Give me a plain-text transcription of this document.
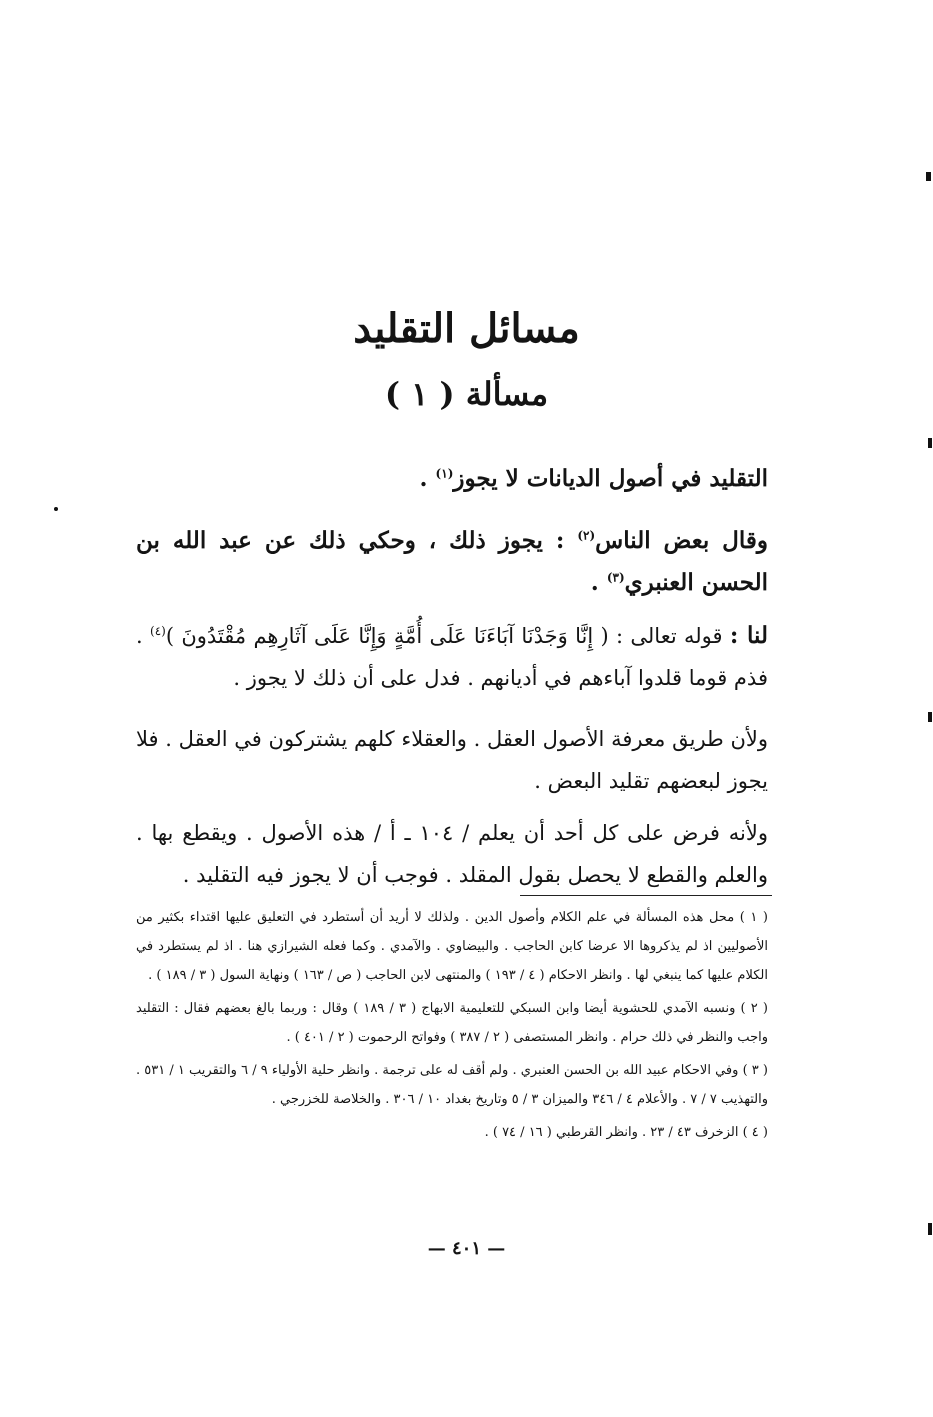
مسائل التقليد
مسألة ( ١ )
التقليد في أصول الديانات لا يجوز$^{(١)}$ .
وقال بعض الناس$^{(٢)}$ : يجوز ذلك ، وحكي ذلك عن عبد الله بن الحسن العنبري$^{(٣)}$ .
لنا : قوله تعالى : ( إِنَّا وَجَدْنَا آبَاءَنَا عَلَى أُمَّةٍ وَإِنَّا عَلَى آثَارِهِم مُقْتَدُونَ )$^{(٤)}$ . فذم قوما قلدوا آباءهم في أديانهم . فدل على أن ذلك لا يجوز .
ولأن طريق معرفة الأصول العقل . والعقلاء كلهم يشتركون في العقل . فلا يجوز لبعضهم تقليد البعض .
ولأنه فرض على كل أحد أن يعلم / ١٠٤ ـ أ / هذه الأصول . ويقطع بها . والعلم والقطع لا يحصل بقول المقلد . فوجب أن لا يجوز فيه التقليد .

( ١ ) محل هذه المسألة في علم الكلام وأصول الدين . ولذلك لا أريد أن أستطرد في التعليق عليها اقتداء بكثير من الأصوليين اذ لم يذكروها الا عرضا كابن الحاجب . والبيضاوي . والآمدي . وكما فعله الشيرازي هنا . اذ لم يستطرد في الكلام عليها كما ينبغي لها . وانظر الاحكام ( ٤ / ١٩٣ ) والمنتهى لابن الحاجب ( ص / ١٦٣ ) ونهاية السول ( ٣ / ١٨٩ ) .

( ٢ ) ونسبه الآمدي للحشوية أيضا وابن السبكي للتعليمية الابهاج ( ٣ / ١٨٩ ) وقال : وربما بالغ بعضهم فقال : التقليد واجب والنظر في ذلك حرام . وانظر المستصفى ( ٢ / ٣٨٧ ) وفواتح الرحموت ( ٢ / ٤٠١ ) .

( ٣ ) وفي الاحكام عبيد الله بن الحسن العنبري . ولم أقف له على ترجمة . وانظر حلية الأولياء ٩ / ٦ والتقريب ١ / ٥٣١ . والتهذيب ٧ / ٧ . والأعلام ٤ / ٣٤٦ والميزان ٣ / ٥ وتاريخ بغداد ١٠ / ٣٠٦ . والخلاصة للخزرجي .

( ٤ ) الزخرف ٤٣ / ٢٣ . وانظر القرطبي ( ١٦ / ٧٤ ) .

— ٤٠١ —
